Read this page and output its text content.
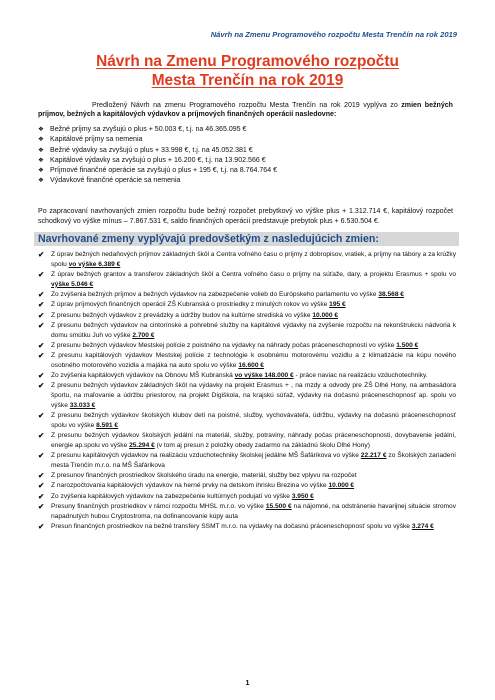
Návrh na Zmenu Programového rozpočtu Mesta Trenčín na rok 2019
Návrh na Zmenu Programového rozpočtu
Mesta Trenčín na rok 2019

Predložený Návrh na zmenu Programového rozpočtu Mesta Trenčín na rok 2019 vyplýva zo zmien bežných príjmov, bežných a kapitálových výdavkov a príjmových finančných operácií nasledovne:

❖ Bežné príjmy sa zvyšujú o plus + 50.003 €, t.j. na 46.365.095 €
❖ Kapitálové príjmy sa nemenia
❖ Bežné výdavky sa zvyšujú o plus + 33.998 €, t.j. na 45.052.381 €
❖ Kapitálové výdavky sa zvyšujú o plus + 16.200 €, t.j. na 13.902.566 €
❖ Príjmové finančné operácie sa zvyšujú o plus + 195 €, t.j. na 8.764.764 €
❖ Výdavkové finančné operácie sa nemenia

Po zapracovaní navrhovaných zmien rozpočtu bude bežný rozpočet prebytkový vo výške plus + 1.312.714 €, kapitálový rozpočet schodkový vo výške mínus – 7.867.531 €, saldo finančných operácií predstavuje prebytok plus + 6.530.504 €.

Navrhované zmeny vyplývajú predovšetkým z nasledujúcich zmien:
✔ Z úprav bežných nedaňových príjmov základných škôl a Centra voľného času o príjmy z dobropisov, vratiek, a príjmy na tábory a za krúžky spolu vo výške 6.389 €
✔ Z úprav bežných grantov a transferov základných škôl a Centra voľného času o príjmy na súťaže, dary, a projektu Erasmus + spolu vo výške 5.046 €
✔ Zo zvýšenia bežných príjmov a bežných výdavkov na zabezpečenie volieb do Európskeho parlamentu vo výške 38.568 €
✔ Z úprav príjmových finančných operácií ZŠ Kubranská o prostriedky z minulých rokov vo výške 195 €
✔ Z presunu bežných výdavkov z prevádzky a údržby budov na kultúrne strediská vo výške 10.000 €
✔ Z presunu bežných výdavkov na cintorínske a pohrebné služby na kapitálové výdavky na zvýšenie rozpočtu na rekonštrukciu nádvoria k domu smútku Juh vo výške 2.700 €
✔ Z presunu bežných výdavkov Mestskej polície z poistného na výdavky na náhrady počas práceneschopnosti vo výške 1.500 €
✔ Z presunu kapitálových výdavkov Mestskej polície z technológie k osobnému motorovému vozidlu a z klimatizácie na kúpu nového osobného motorového vozidla a majáka na auto spolu vo výške 16.600 €
✔ Zo zvýšenia kapitálových výdavkov na Obnovu MŠ Kubranská vo výške 148.000 € - práce naviac na realizáciu vzduchotechniky.
✔ Z presunu bežných výdavkov základných škôl na výdavky na projekt Erasmus + , na mzdy a odvody pre ZŠ Dlhé Hony, na ambasádora športu, na maľovanie a údržbu priestorov, na projekt Digiškola, na krajskú súťaž, výdavky na dočasnú práceneschopnosť ap. spolu vo výške 33.033 €
✔ Z presunu bežných výdavkov školských klubov detí na poistné, služby, vychovávateľa, údržbu, výdavky na dočasnú práceneschopnosť spolu vo výške 8.591 €
✔ Z presunu bežných výdavkov školských jedální na materiál, služby, potraviny, náhrady počas práceneschopnosti, dovybavenie jedální, energie ap.spolu vo výške 25.294 € (v tom aj presun z položky obedy zadarmo na základnú školu Dlhé Hony)
✔ Z presunu kapitálových výdavkov na realizáciu vzduchotechniky školskej jedálne MŠ Šafárikova vo výške 22.217 € zo Školských zariadení mesta Trenčín m.r.o. na MŠ Šafárikova
✔ Z presunov finančných prostriedkov školského úradu na energie, materiál, služby bez vplyvu na rozpočet
✔ Z narozpočtovania kapitálových výdavkov na herné prvky na detskom ihrisku Brezina vo výške 10.000 €
✔ Zo zvýšenia kapitálových výdavkov na zabezpečenie kultúrnych podujatí vo výške 3.950 €
✔ Presuny finančných prostriedkov v rámci rozpočtu MHSL m.r.o. vo výške 15.500 € na nájomné, na odstránenie havarijnej situácie stromov napadnutých hubou Cryptostroma, na dofinancovanie kúpy auta
✔ Presun finančných prostriedkov na bežné transfery SSMT m.r.o. na výdavky na dočasnú práceneschopnosť spolu vo výške 3.274 €
1
